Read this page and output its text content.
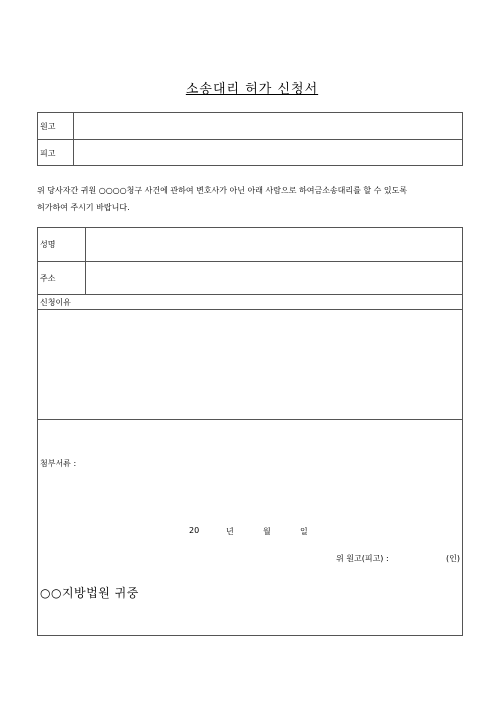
소송대리 허가 신청서
원고
피고
위 당사자간 귀원 ○○○○청구 사건에 관하여 변호사가 아닌 아래 사람으로 하여금소송대리를 할 수 있도록
허가하여 주시기 바랍니다.
성명
주소
신청이유
첨부서류 :
20	년	월	일
위 원고(피고) :	(인)
○○지방법원 귀중
